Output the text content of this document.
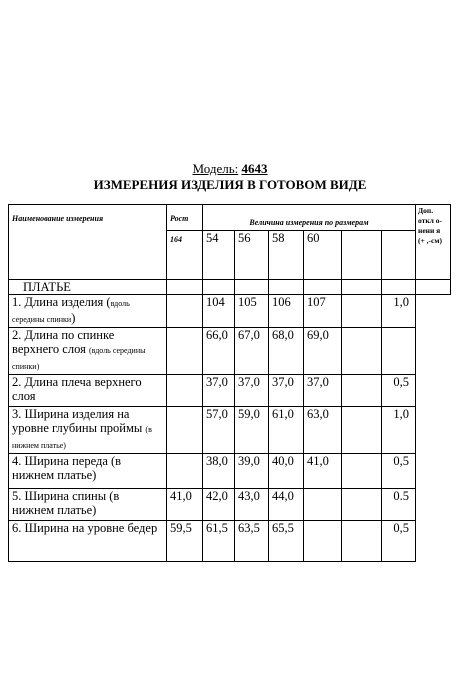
Модель: 4643
ИЗМЕРЕНИЯ ИЗДЕЛИЯ В ГОТОВОМ ВИДЕ
Наименование измерения	Рост	Величина измерения по размерам						Доп. откл о- нени я (+ ,-см)
	164	54	56	58	60			
ПЛАТЬЕ								
1. Длина изделия (вдоль середины спинки)		104	105	106	107		1,0	
2. Длина по спинке верхнего слоя (вдоль середины спинки)		66,0	67,0	68,0	69,0			
2. Длина плеча верхнего слоя		37,0	37,0	37,0	37,0		0,5	
3. Ширина изделия на уровне глубины проймы (в нижнем платье)		57,0	59,0	61,0	63,0		1,0	
4. Ширина переда (в нижнем платье)		38,0	39,0	40,0	41,0		0,5	
5. Ширина спины (в нижнем платье)	41,0	42,0	43,0	44,0			0.5	
6. Ширина на уровне бедер	59,5	61,5	63,5	65,5			0,5	
